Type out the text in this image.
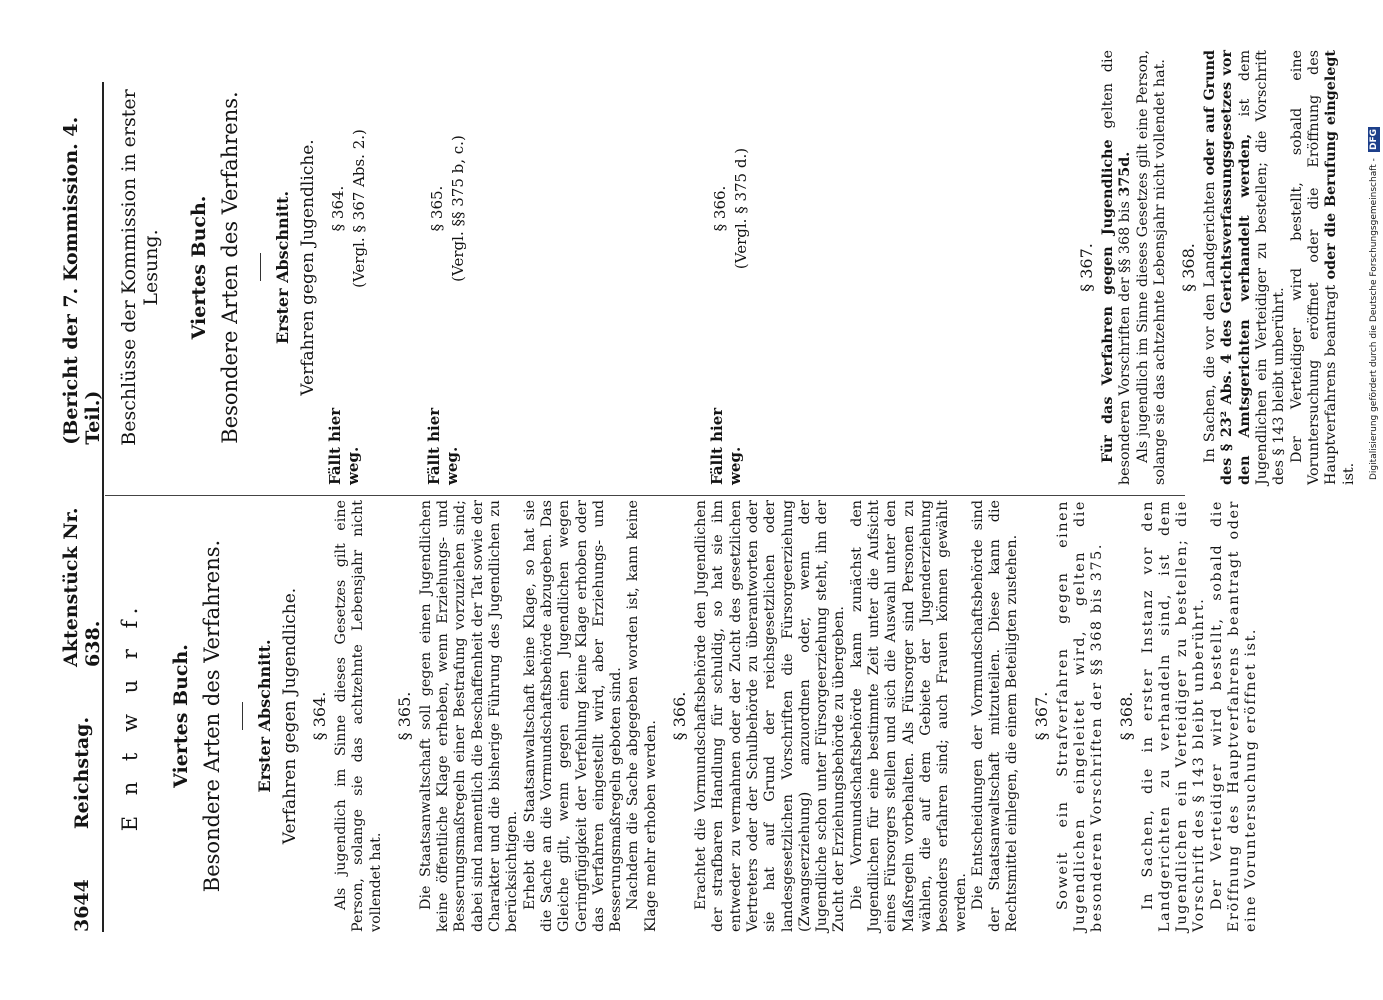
3644
Reichstag.
Aktenstück Nr. 638.
(Bericht der 7. Kommission. 4. Teil.)
E n t w u r f. Viertes Buch. Besondere Arten des Verfahrens. Erster Abschnitt. Verfahren gegen Jugendliche. § 364. Als jugendlich im Sinne dieses Gesetzes gilt eine Person, solange sie das achtzehnte Lebensjahr nicht vollendet hat.

§ 365. Die Staatsanwaltschaft soll gegen einen Jugendlichen keine öffentliche Klage erheben, wenn Erziehungs- und Besserungsmaßregeln einer Bestrafung vorzuziehen sind; dabei sind namentlich die Beschaffenheit der Tat sowie der Charakter und die bisherige Führung des Jugendlichen zu berücksichtigen. Erhebt die Staatsanwaltschaft keine Klage, so hat sie die Sache an die Vormundschaftsbehörde abzugeben. Das Gleiche gilt, wenn gegen einen Jugendlichen wegen Geringfügigkeit der Verfehlung keine Klage erhoben oder das Verfahren eingestellt wird, aber Erziehungs- und Besserungsmaßregeln geboten sind. Nachdem die Sache abgegeben worden ist, kann keine Klage mehr erhoben werden.

§ 366. Erachtet die Vormundschaftsbehörde den Jugendlichen der strafbaren Handlung für schuldig, so hat sie ihn entweder zu vermahnen oder der Zucht des gesetzlichen Vertreters oder der Schulbehörde zu überantworten oder sie hat auf Grund der reichsgesetzlichen oder landesgesetzlichen Vorschriften die Fürsorgeerziehung (Zwangserziehung) anzuordnen oder, wenn der Jugendliche schon unter Fürsorgeerziehung steht, ihn der Zucht der Erziehungsbehörde zu übergeben. Die Vormundschaftsbehörde kann zunächst den Jugendlichen für eine bestimmte Zeit unter die Aufsicht eines Fürsorgers stellen und sich die Auswahl unter den Maßregeln vorbehalten. Als Fürsorger sind Personen zu wählen, die auf dem Gebiete der Jugenderziehung besonders erfahren sind; auch Frauen können gewählt werden. Die Entscheidungen der Vormundschaftsbehörde sind der Staatsanwaltschaft mitzuteilen. Diese kann die Rechtsmittel einlegen, die einem Beteiligten zustehen. § 367. Soweit ein Strafverfahren gegen einen Jugendlichen eingeleitet wird, gelten die besonderen Vorschriften der §§ 368 bis 375. § 368. In Sachen, die in erster Instanz vor den Landgerichten zu verhandeln sind, ist dem Jugendlichen ein Verteidiger zu bestellen; die Vorschrift des § 143 bleibt unberührt. Der Verteidiger wird bestellt, sobald die Eröffnung des Hauptverfahrens beantragt oder eine Voruntersuchung eröffnet ist.

Beschlüsse der Kommission in erster Lesung. Viertes Buch. Besondere Arten des Verfahrens. Erster Abschnitt. Verfahren gegen Jugendliche.
Fällt hier weg.
§ 364. (Vergl. § 367 Abs. 2.)
Fällt hier weg.
§ 365. (Vergl. §§ 375 b, c.)
Fällt hier weg.
§ 366. (Vergl. § 375 d.)	§ 367. Für das Verfahren gegen Jugendliche gelten die besonderen Vorschriften der §§ 368 bis 375d. Als jugendlich im Sinne dieses Gesetzes gilt eine Person, solange sie das achtzehnte Lebensjahr nicht vollendet hat. § 368. In Sachen, die vor den Landgerichten oder auf Grund des § 23² Abs. 4 des Gerichtsverfassungsgesetzes vor den Amtsgerichten verhandelt werden, ist dem Jugendlichen ein Verteidiger zu bestellen; die Vorschrift des § 143 bleibt unberührt. Der Verteidiger wird bestellt, sobald eine Voruntersuchung eröffnet oder die Eröffnung des Hauptverfahrens beantragt oder die Berufung eingelegt ist. Digitalisierung gefördert durch die Deutsche Forschungsgemeinschaft -
DFG
